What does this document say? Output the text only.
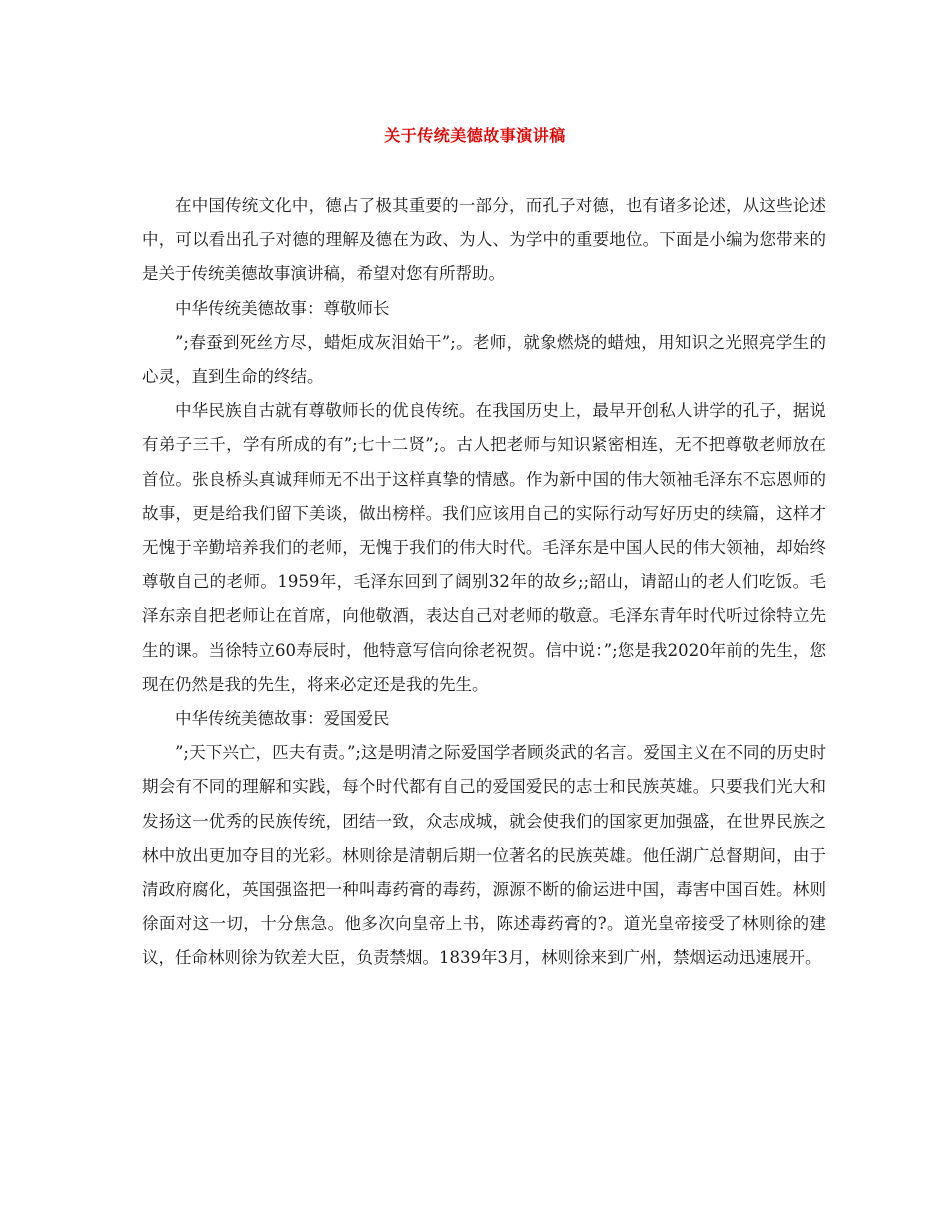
关于传统美德故事演讲稿

在中国传统文化中，德占了极其重要的一部分，而孔子对德，也有诸多论述，从这些论述中，可以看出孔子对德的理解及德在为政、为人、为学中的重要地位。下面是小编为您带来的是关于传统美德故事演讲稿，希望对您有所帮助。

中华传统美德故事：尊敬师长

”;春蚕到死丝方尽，蜡炬成灰泪始干”;。老师，就象燃烧的蜡烛，用知识之光照亮学生的心灵，直到生命的终结。

中华民族自古就有尊敬师长的优良传统。在我国历史上，最早开创私人讲学的孔子，据说有弟子三千，学有所成的有”;七十二贤”;。古人把老师与知识紧密相连，无不把尊敬老师放在首位。张良桥头真诚拜师无不出于这样真挚的情感。作为新中国的伟大领袖毛泽东不忘恩师的故事，更是给我们留下美谈，做出榜样。我们应该用自己的实际行动写好历史的续篇，这样才无愧于辛勤培养我们的老师，无愧于我们的伟大时代。毛泽东是中国人民的伟大领袖，却始终尊敬自己的老师。1959年，毛泽东回到了阔别32年的故乡;;韶山，请韶山的老人们吃饭。毛泽东亲自把老师让在首席，向他敬酒，表达自己对老师的敬意。毛泽东青年时代听过徐特立先生的课。当徐特立60寿辰时，他特意写信向徐老祝贺。信中说：”;您是我2020年前的先生，您现在仍然是我的先生，将来必定还是我的先生。

中华传统美德故事：爱国爱民

”;天下兴亡，匹夫有责。”;这是明清之际爱国学者顾炎武的名言。爱国主义在不同的历史时期会有不同的理解和实践，每个时代都有自己的爱国爱民的志士和民族英雄。只要我们光大和发扬这一优秀的民族传统，团结一致，众志成城，就会使我们的国家更加强盛，在世界民族之林中放出更加夺目的光彩。林则徐是清朝后期一位著名的民族英雄。他任湖广总督期间，由于清政府腐化，英国强盗把一种叫毒药膏的毒药，源源不断的偷运进中国，毒害中国百姓。林则徐面对这一切，十分焦急。他多次向皇帝上书，陈述毒药膏的?。道光皇帝接受了林则徐的建议，任命林则徐为钦差大臣，负责禁烟。1839年3月，林则徐来到广州，禁烟运动迅速展开。
